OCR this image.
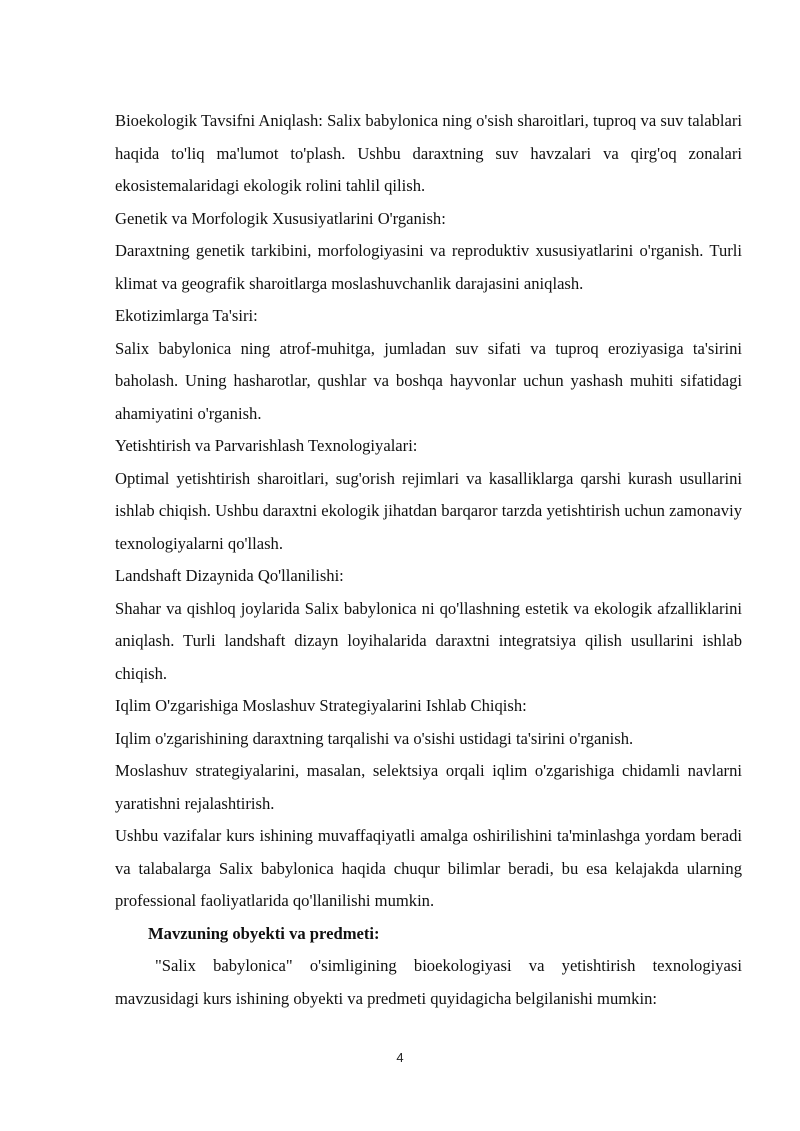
Bioekologik Tavsifni Aniqlash: Salix babylonica ning o'sish sharoitlari, tuproq va suv talablari haqida to'liq ma'lumot to'plash. Ushbu daraxtning suv havzalari va qirg'oq zonalari ekosistemalaridagi ekologik rolini tahlil qilish.

Genetik va Morfologik Xususiyatlarini O'rganish:

Daraxtning genetik tarkibini, morfologiyasini va reproduktiv xususiyatlarini o'rganish. Turli klimat va geografik sharoitlarga moslashuvchanlik darajasini aniqlash.

Ekotizimlarga Ta'siri:

Salix babylonica ning atrof-muhitga, jumladan suv sifati va tuproq eroziyasiga ta'sirini baholash. Uning hasharotlar, qushlar va boshqa hayvonlar uchun yashash muhiti sifatidagi ahamiyatini o'rganish.

Yetishtirish va Parvarishlash Texnologiyalari:

Optimal yetishtirish sharoitlari, sug'orish rejimlari va kasalliklarga qarshi kurash usullarini ishlab chiqish. Ushbu daraxtni ekologik jihatdan barqaror tarzda yetishtirish uchun zamonaviy texnologiyalarni qo'llash.

Landshaft Dizaynida Qo'llanilishi:

Shahar va qishloq joylarida Salix babylonica ni qo'llashning estetik va ekologik afzalliklarini aniqlash. Turli landshaft dizayn loyihalarida daraxtni integratsiya qilish usullarini ishlab chiqish.

Iqlim O'zgarishiga Moslashuv Strategiyalarini Ishlab Chiqish:

Iqlim o'zgarishining daraxtning tarqalishi va o'sishi ustidagi ta'sirini o'rganish.

Moslashuv strategiyalarini, masalan, selektsiya orqali iqlim o'zgarishiga chidamli navlarni yaratishni rejalashtirish.

Ushbu vazifalar kurs ishining muvaffaqiyatli amalga oshirilishini ta'minlashga yordam beradi va talabalarga Salix babylonica haqida chuqur bilimlar beradi, bu esa kelajakda ularning professional faoliyatlarida qo'llanilishi mumkin.

Mavzuning obyekti va predmeti:

"Salix babylonica" o'simligining bioekologiyasi va yetishtirish texnologiyasi mavzusidagi kurs ishining obyekti va predmeti quyidagicha belgilanishi mumkin:

4
